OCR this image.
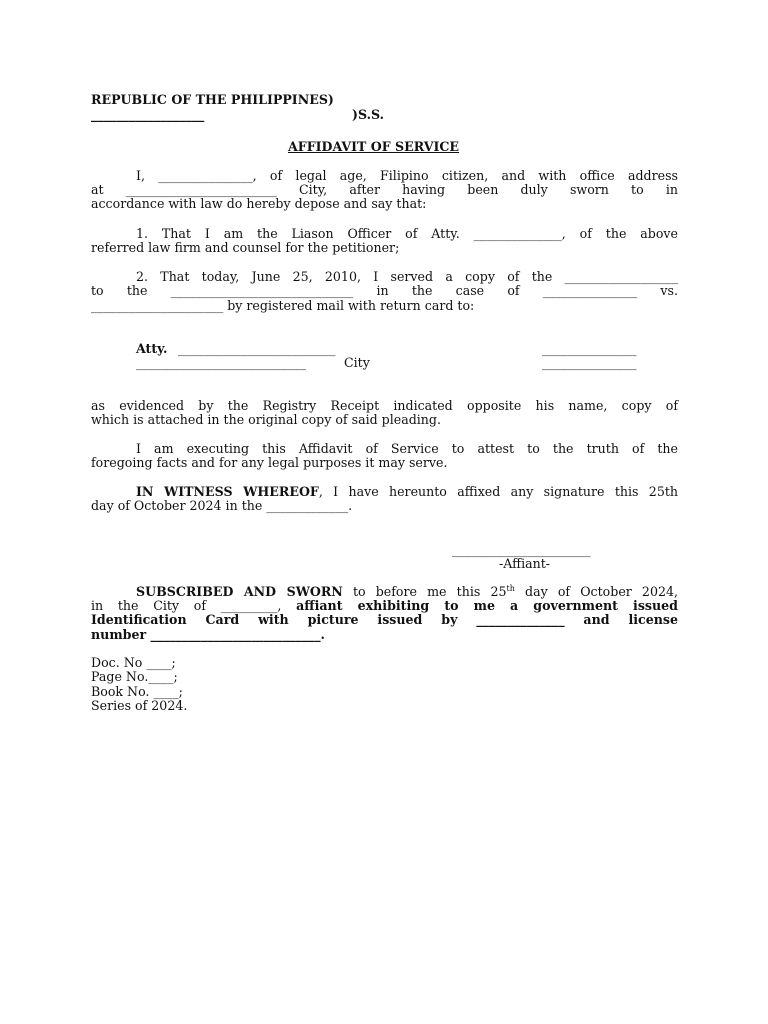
REPUBLIC OF THE PHILIPPINES)
__________________	)S.S.
AFFIDAVIT OF SERVICE
I, _______________, of legal age, Filipino citizen, and with office address
at ________________________ City, after having been duly sworn to in
accordance with law do hereby depose and say that:
1. That I am the Liason Officer of Atty. ______________, of the above
referred law firm and counsel for the petitioner;
2. That today, June 25, 2010, I served a copy of the __________________
to the _____________________________ in the case of _______________ vs.
_____________________ by registered mail with return card to:
Atty. _________________________
___________________________	City
_______________
_______________
as evidenced by the Registry Receipt indicated opposite his name, copy of
which is attached in the original copy of said pleading.
I am executing this Affidavit of Service to attest to the truth of the
foregoing facts and for any legal purposes it may serve.
IN WITNESS WHEREOF, I have hereunto affixed any signature this 25th
day of October 2024 in the _____________.
______________________
-Affiant-
SUBSCRIBED AND SWORN to before me this 25th day of October 2024,
in the City of _________, affiant exhibiting to me a government issued
Identification Card with picture issued by ______________ and license
number ___________________________.
Doc. No ____;
Page No.____;
Book No. ____;
Series of 2024.
